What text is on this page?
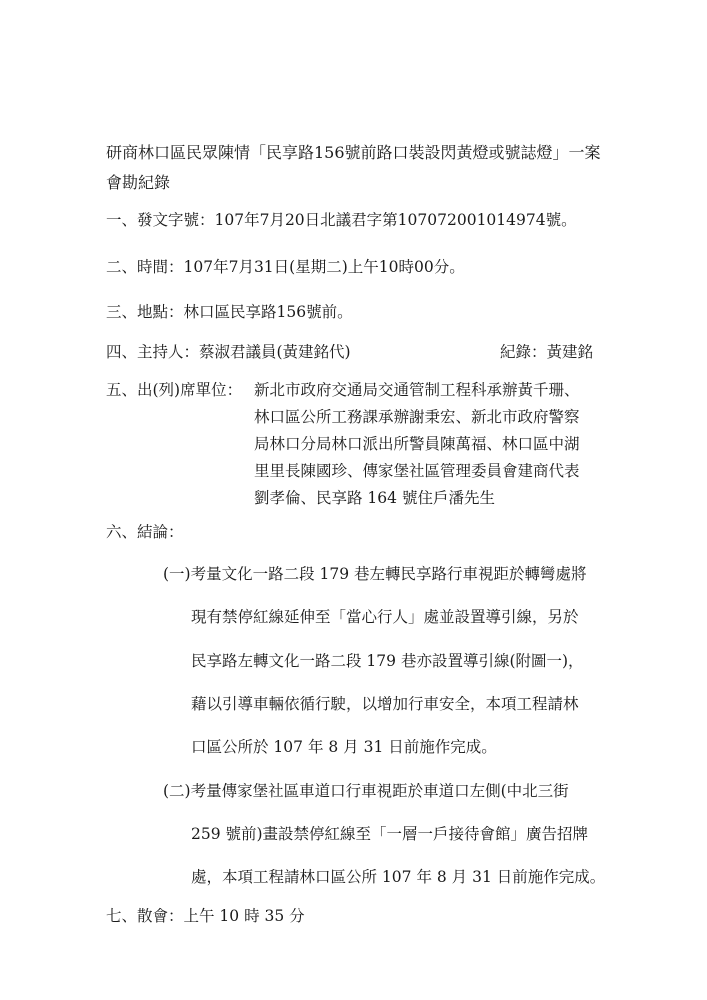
研商林口區民眾陳情「民享路156號前路口裝設閃黃燈或號誌燈」一案會勘紀錄
一、發文字號：107年7月20日北議君字第107072001014974號。
二、時間：107年7月31日(星期二)上午10時00分。
三、地點：林口區民享路156號前。
四、主持人：蔡淑君議員(黃建銘代)	紀錄：黃建銘
五、出(列)席單位： 新北市政府交通局交通管制工程科承辦黃千珊、
林口區公所工務課承辦謝秉宏、新北市政府警察
局林口分局林口派出所警員陳萬福、林口區中湖
里里長陳國珍、傳家堡社區管理委員會建商代表
劉孝倫、民享路 164 號住戶潘先生
六、結論：
(一)考量文化一路二段 179 巷左轉民享路行車視距於轉彎處將
現有禁停紅線延伸至「當心行人」處並設置導引線，另於
民享路左轉文化一路二段 179 巷亦設置導引線(附圖一)，
藉以引導車輛依循行駛，以增加行車安全，本項工程請林
口區公所於 107 年 8 月 31 日前施作完成。
(二)考量傳家堡社區車道口行車視距於車道口左側(中北三街
259 號前)畫設禁停紅線至「一層一戶接待會館」廣告招牌
處，本項工程請林口區公所 107 年 8 月 31 日前施作完成。
七、散會：上午 10 時 35 分
